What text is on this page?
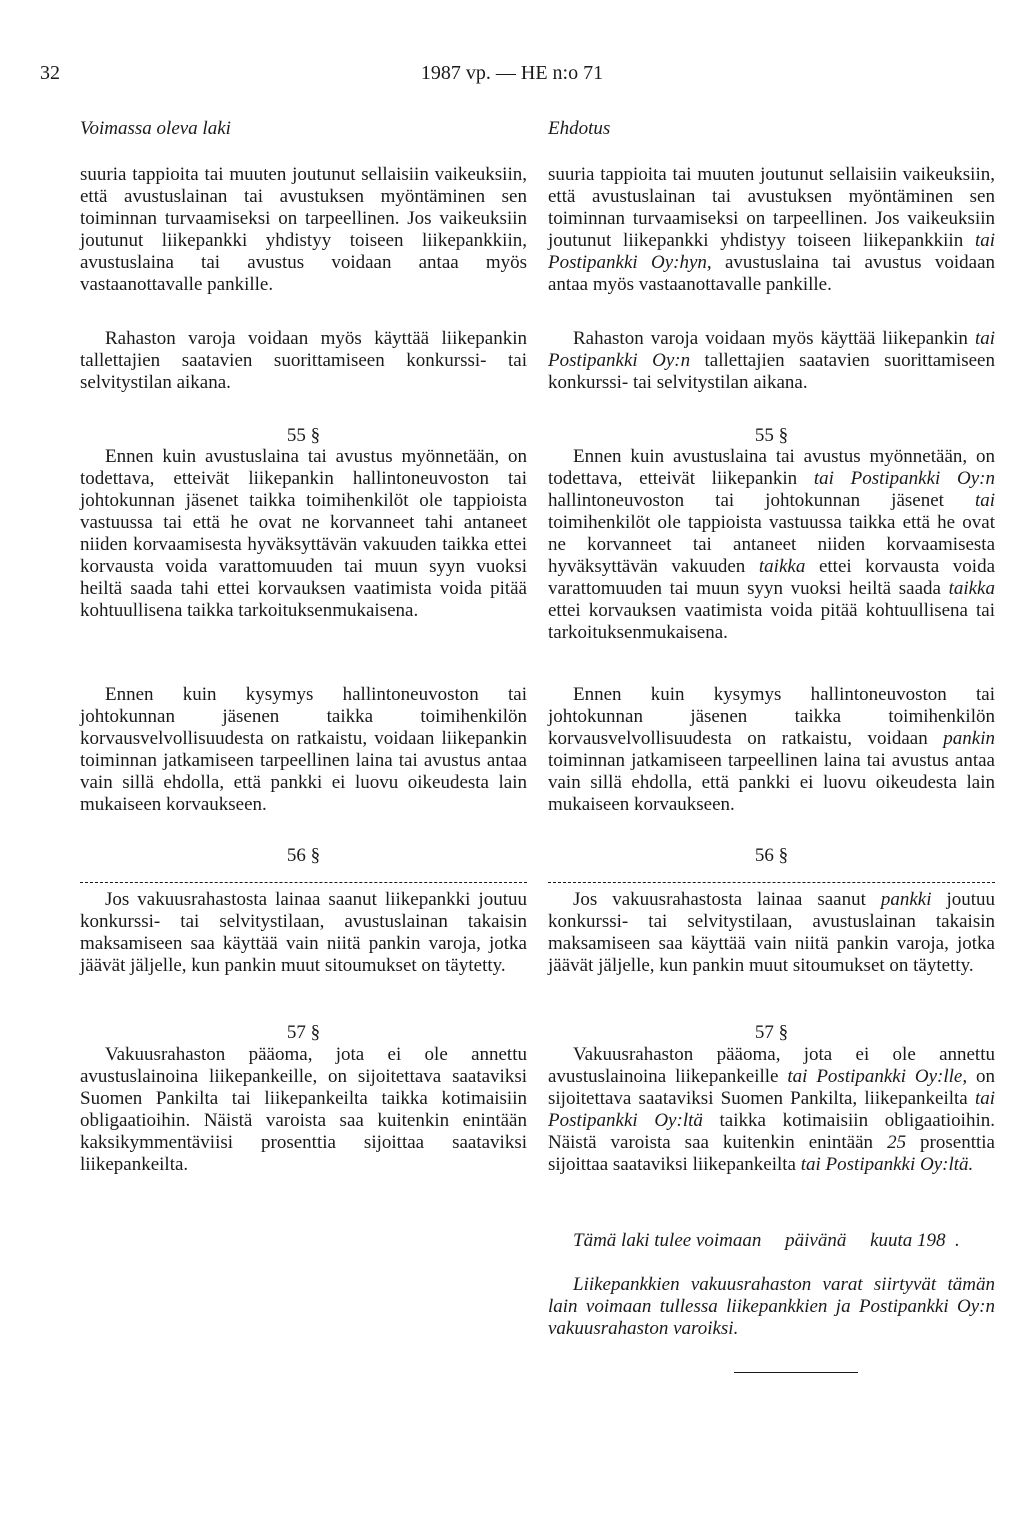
32	1987 vp. — HE n:o 71
Voimassa oleva laki

suuria tappioita tai muuten joutunut sellaisiin vaikeuksiin, että avustuslainan tai avustuksen myöntäminen sen toiminnan turvaamiseksi on tarpeellinen. Jos vaikeuksiin joutunut liikepankki yhdistyy toiseen liikepankkiin, avustuslaina tai avustus voidaan antaa myös vastaanottavalle pankille.

Rahaston varoja voidaan myös käyttää liikepankin tallettajien saatavien suorittamiseen konkurssi- tai selvitystilan aikana.

55 §

Ennen kuin avustuslaina tai avustus myönnetään, on todettava, etteivät liikepankin hallintoneuvoston tai johtokunnan jäsenet taikka toimihenkilöt ole tappioista vastuussa tai että he ovat ne korvanneet tahi antaneet niiden korvaamisesta hyväksyttävän vakuuden taikka ettei korvausta voida varattomuuden tai muun syyn vuoksi heiltä saada tahi ettei korvauksen vaatimista voida pitää kohtuullisena taikka tarkoituksenmukaisena.

Ennen kuin kysymys hallintoneuvoston tai johtokunnan jäsenen taikka toimihenkilön korvausvelvollisuudesta on ratkaistu, voidaan liikepankin toiminnan jatkamiseen tarpeellinen laina tai avustus antaa vain sillä ehdolla, että pankki ei luovu oikeudesta lain mukaiseen korvaukseen.

56 §

Jos vakuusrahastosta lainaa saanut liikepankki joutuu konkurssi- tai selvitystilaan, avustuslainan takaisin maksamiseen saa käyttää vain niitä pankin varoja, jotka jäävät jäljelle, kun pankin muut sitoumukset on täytetty.

57 §

Vakuusrahaston pääoma, jota ei ole annettu avustuslainoina liikepankeille, on sijoitettava saataviksi Suomen Pankilta tai liikepankeilta taikka kotimaisiin obligaatioihin. Näistä varoista saa kuitenkin enintään kaksikymmentäviisi prosenttia sijoittaa saataviksi liikepankeilta.

Ehdotus

suuria tappioita tai muuten joutunut sellaisiin vaikeuksiin, että avustuslainan tai avustuksen myöntäminen sen toiminnan turvaamiseksi on tarpeellinen. Jos vaikeuksiin joutunut liikepankki yhdistyy toiseen liikepankkiin tai Postipankki Oy:hyn, avustuslaina tai avustus voidaan antaa myös vastaanottavalle pankille.

Rahaston varoja voidaan myös käyttää liikepankin tai Postipankki Oy:n tallettajien saatavien suorittamiseen konkurssi- tai selvitystilan aikana.

55 §

Ennen kuin avustuslaina tai avustus myönnetään, on todettava, etteivät liikepankin tai Postipankki Oy:n hallintoneuvoston tai johtokunnan jäsenet tai toimihenkilöt ole tappioista vastuussa taikka että he ovat ne korvanneet tai antaneet niiden korvaamisesta hyväksyttävän vakuuden taikka ettei korvausta voida varattomuuden tai muun syyn vuoksi heiltä saada taikka ettei korvauksen vaatimista voida pitää kohtuullisena tai tarkoituksenmukaisena.

Ennen kuin kysymys hallintoneuvoston tai johtokunnan jäsenen taikka toimihenkilön korvausvelvollisuudesta on ratkaistu, voidaan pankin toiminnan jatkamiseen tarpeellinen laina tai avustus antaa vain sillä ehdolla, että pankki ei luovu oikeudesta lain mukaiseen korvaukseen.

56 §

Jos vakuusrahastosta lainaa saanut pankki joutuu konkurssi- tai selvitystilaan, avustuslainan takaisin maksamiseen saa käyttää vain niitä pankin varoja, jotka jäävät jäljelle, kun pankin muut sitoumukset on täytetty.

57 §

Vakuusrahaston pääoma, jota ei ole annettu avustuslainoina liikepankeille tai Postipankki Oy:lle, on sijoitettava saataviksi Suomen Pankilta, liikepankeilta tai Postipankki Oy:ltä taikka kotimaisiin obligaatioihin. Näistä varoista saa kuitenkin enintään 25 prosenttia sijoittaa saataviksi liikepankeilta tai Postipankki Oy:ltä.

Tämä laki tulee voimaan     päivänä     kuuta 198  .

Liikepankkien vakuusrahaston varat siirtyvät tämän lain voimaan tullessa liikepankkien ja Postipankki Oy:n vakuusrahaston varoiksi.
